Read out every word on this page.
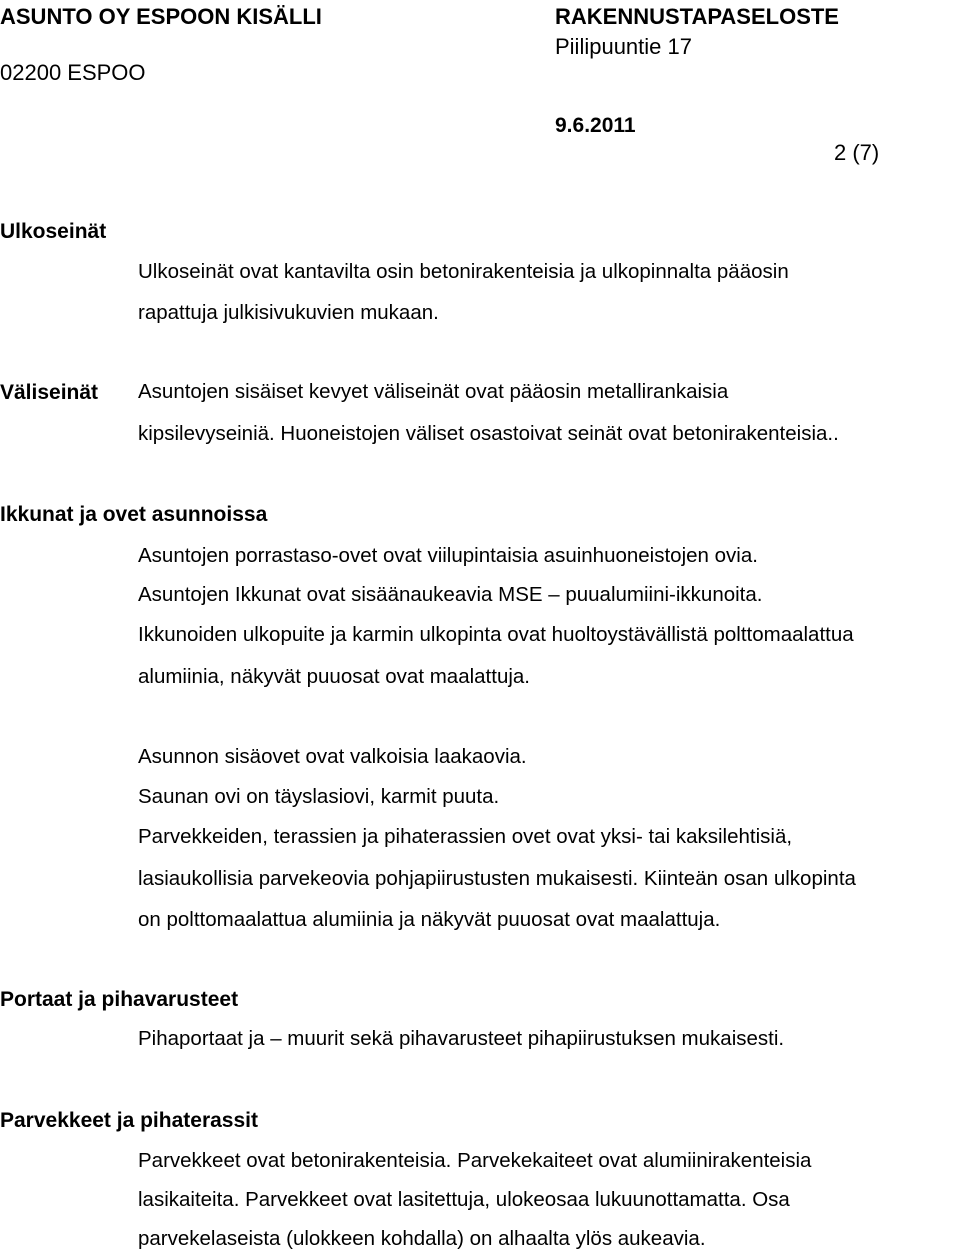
ASUNTO OY ESPOON KISÄLLI	RAKENNUSTAPASELOSTE
Piilipuuntie 17
02200 ESPOO
9.6.2011
2 (7)
Ulkoseinät
Ulkoseinät ovat kantavilta osin betonirakenteisia ja ulkopinnalta pääosin
rapattuja julkisivukuvien mukaan.
Väliseinät Asuntojen sisäiset kevyet väliseinät ovat pääosin metallirankaisia
kipsilevyseiniä. Huoneistojen väliset osastoivat seinät ovat betonirakenteisia..
Ikkunat ja ovet asunnoissa
Asuntojen porrastaso-ovet ovat viilupintaisia asuinhuoneistojen ovia.
Asuntojen Ikkunat ovat sisäänaukeavia MSE – puualumiini-ikkunoita.
Ikkunoiden ulkopuite ja karmin ulkopinta ovat huoltoystävällistä polttomaalattua
alumiinia, näkyvät puuosat ovat maalattuja.
Asunnon sisäovet ovat valkoisia laakaovia.
Saunan ovi on täyslasiovi, karmit puuta.
Parvekkeiden, terassien ja pihaterassien ovet ovat yksi- tai kaksilehtisiä,
lasiaukollisia parvekeovia pohjapiirustusten mukaisesti. Kiinteän osan ulkopinta
on polttomaalattua alumiinia ja näkyvät puuosat ovat maalattuja.
Portaat ja pihavarusteet
Pihaportaat ja – muurit sekä pihavarusteet pihapiirustuksen mukaisesti.
Parvekkeet ja pihaterassit
Parvekkeet ovat betonirakenteisia. Parvekekaiteet ovat alumiinirakenteisia
lasikaiteita. Parvekkeet ovat lasitettuja, ulokeosaa lukuunottamatta. Osa
parvekelaseista (ulokkeen kohdalla) on alhaalta ylös aukeavia.
